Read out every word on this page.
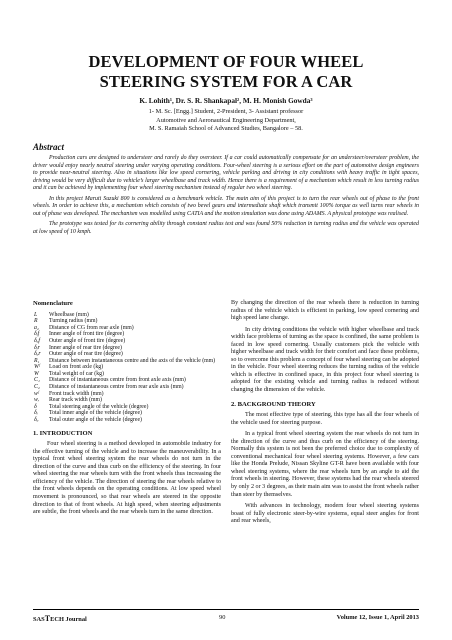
DEVELOPMENT OF FOUR WHEEL
STEERING SYSTEM FOR A CAR
K. Lohith¹, Dr. S. R. Shankapal², M. H. Monish Gowda³
1- M. Sc. [Engg.] Student, 2-President, 3- Assistant professor
Automotive and Aeronautical Engineering Department,
M. S. Ramaiah School of Advanced Studies, Bangalore – 58.
Abstract

Production cars are designed to understeer and rarely do they oversteer. If a car could automatically compensate for an understeer/oversteer problem, the driver would enjoy nearly neutral steering under varying operating conditions. Four-wheel steering is a serious effort on the part of automotive design engineers to provide near-neutral steering. Also in situations like low speed cornering, vehicle parking and driving in city conditions with heavy traffic in tight spaces, driving would be very difficult due to vehicle’s larger wheelbase and track width. Hence there is a requirement of a mechanism which result in less turning radius and it can be achieved by implementing four wheel steering mechanism instead of regular two wheel steering.

In this project Maruti Suzuki 800 is considered as a benchmark vehicle. The main aim of this project is to turn the rear wheels out of phase to the front wheels. In order to achieve this, a mechanism which consists of two bevel gears and intermediate shaft which transmit 100% torque as well turns rear wheels in out of phase was developed. The mechanism was modelled using CATIA and the motion simulation was done using ADAMS. A physical prototype was realised.

The prototype was tested for its cornering ability through constant radius test and was found 50% reduction in turning radius and the vehicle was operated at low speed of 10 kmph.

Nomenclature
L	Wheelbase (mm)
R	Turning radius (mm)
a₂	Distance of CG from rear axle (mm)
δᵢf	Inner angle of front tire (degree)
δₒf	Outer angle of front tire (degree)
δᵢr	Inner angle of rear tire (degree)
δₒr	Outer angle of rear tire (degree)
R₁	Distance between instantaneous centre and the axis of the vehicle (mm)
Wᶠ	Load on front axle (kg)
W	Total weight of car (kg)
C₁	Distance of instantaneous centre from front axle axis (mm)
C₂	Distance of instantaneous centre from rear axle axis (mm)
wᶠ	Front track width (mm)
wᵣ	Rear track width (mm)
δ	Total steering angle of the vehicle (degree)
δᵢ	Total inner angle of the vehicle (degree)
δₒ	Total outer angle of the vehicle (degree)
1. INTRODUCTION

Four wheel steering is a method developed in automobile industry for the effective turning of the vehicle and to increase the maneuverability. In a typical front wheel steering system the rear wheels do not turn in the direction of the curve and thus curb on the efficiency of the steering. In four wheel steering the rear wheels turn with the front wheels thus increasing the efficiency of the vehicle. The direction of steering the rear wheels relative to the front wheels depends on the operating conditions. At low speed wheel movement is pronounced, so that rear wheels are steered in the opposite direction to that of front wheels. At high speed, when steering adjustments are subtle, the front wheels and the rear wheels turn in the same direction.

By changing the direction of the rear wheels there is reduction in turning radius of the vehicle which is efficient in parking, low speed cornering and high speed lane change.

In city driving conditions the vehicle with higher wheelbase and track width face problems of turning as the space is confined, the same problem is faced in low speed cornering. Usually customers pick the vehicle with higher wheelbase and track width for their comfort and face these problems, so to overcome this problem a concept of four wheel steering can be adopted in the vehicle. Four wheel steering reduces the turning radius of the vehicle which is effective in confined space, in this project four wheel steering is adopted for the existing vehicle and turning radius is reduced without changing the dimension of the vehicle.

2. BACKGROUND THEORY

The most effective type of steering, this type has all the four wheels of the vehicle used for steering purpose.

In a typical front wheel steering system the rear wheels do not turn in the direction of the curve and thus curb on the efficiency of the steering. Normally this system is not been the preferred choice due to complexity of conventional mechanical four wheel steering systems. However, a few cars like the Honda Prelude, Nissan Skyline GT-R have been available with four wheel steering systems, where the rear wheels turn by an angle to aid the front wheels in steering. However, these systems had the rear wheels steered by only 2 or 3 degrees, as their main aim was to assist the front wheels rather than steer by themselves.

With advances in technology, modern four wheel steering systems boast of fully electronic steer-by-wire systems, equal steer angles for front and rear wheels,

SASTECH Journal	90	Volume 12, Issue 1, April 2013
